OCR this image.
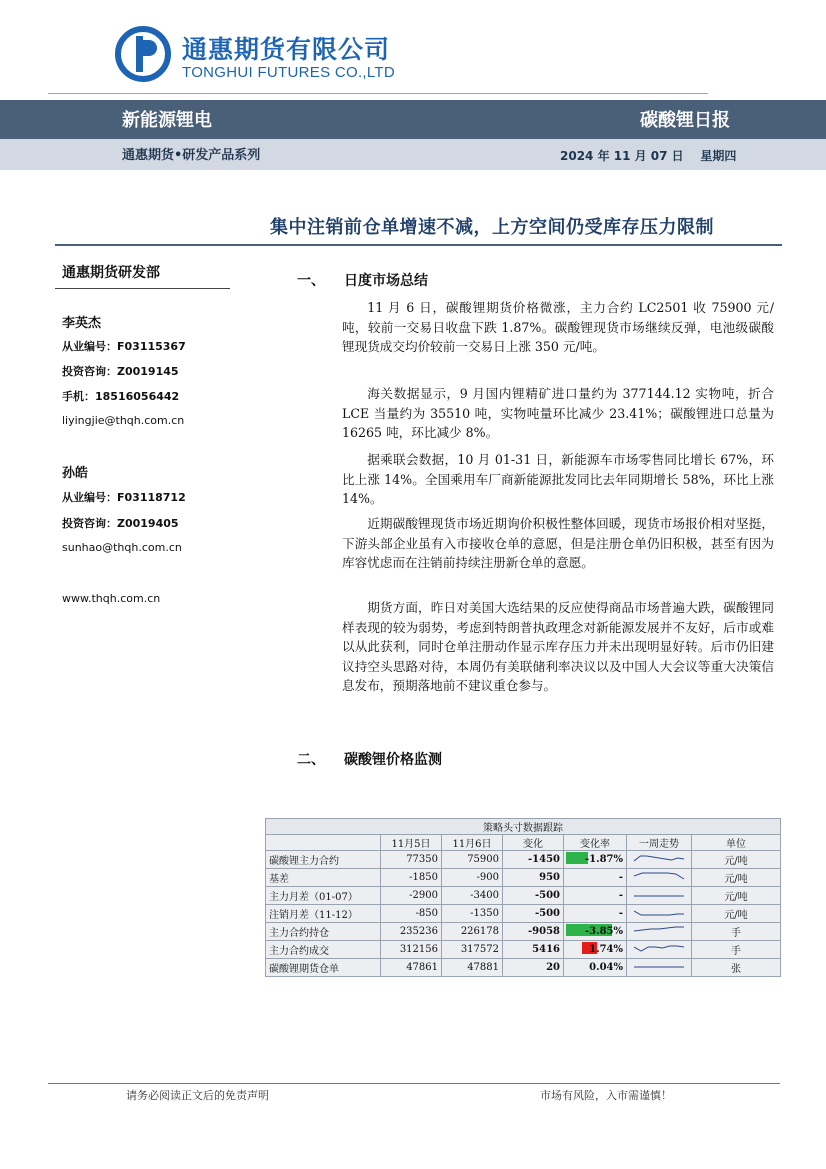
通惠期货有限公司
TONGHUI FUTURES CO.,LTD
新能源锂电	碳酸锂日报
通惠期货•研发产品系列	2024 年 11 月 07 日 星期四
集中注销前仓单增速不减，上方空间仍受库存压力限制
通惠期货研发部
李英杰
从业编号：F03115367
投资咨询：Z0019145
手机：18516056442
liyingjie@thqh.com.cn
孙皓
从业编号：F03118712
投资咨询：Z0019405
sunhao@thqh.com.cn
www.thqh.com.cn
一、 日度市场总结

11 月 6 日，碳酸锂期货价格微涨，主力合约 LC2501 收 75900 元/吨，较前一交易日收盘下跌 1.87%。碳酸锂现货市场继续反弹，电池级碳酸锂现货成交均价较前一交易日上涨 350 元/吨。

海关数据显示，9 月国内锂精矿进口量约为 377144.12 实物吨，折合 LCE 当量约为 35510 吨，实物吨量环比减少 23.41%；碳酸锂进口总量为 16265 吨，环比减少 8%。

据乘联会数据，10 月 01-31 日，新能源车市场零售同比增长 67%，环比上涨 14%。全国乘用车厂商新能源批发同比去年同期增长 58%，环比上涨 14%。

近期碳酸锂现货市场近期询价积极性整体回暖，现货市场报价相对坚挺，下游头部企业虽有入市接收仓单的意愿，但是注册仓单仍旧积极，甚至有因为库容忧虑而在注销前持续注册新仓单的意愿。

期货方面，昨日对美国大选结果的反应使得商品市场普遍大跌，碳酸锂同样表现的较为弱势，考虑到特朗普执政理念对新能源发展并不友好，后市或难以从此获利，同时仓单注册动作显示库存压力并未出现明显好转。后市仍旧建议持空头思路对待，本周仍有美联储利率决议以及中国人大会议等重大决策信息发布，预期落地前不建议重仓参与。

二、 碳酸锂价格监测
策略头寸数据跟踪						
	11月5日	11月6日	变化	变化率	一周走势	单位
碳酸锂主力合约	77350	75900	-1450	-1.87%		元/吨
基差	-1850	-900	950	-		元/吨
主力月差（01-07）	-2900	-3400	-500	-		元/吨
注销月差（11-12）	-850	-1350	-500	-		元/吨
主力合约持仓	235236	226178	-9058	-3.85%		手
主力合约成交	312156	317572	5416	1.74%		手
碳酸锂期货仓单	47861	47881	20	0.04%		张
请务必阅读正文后的免责声明	市场有风险，入市需谨慎！
